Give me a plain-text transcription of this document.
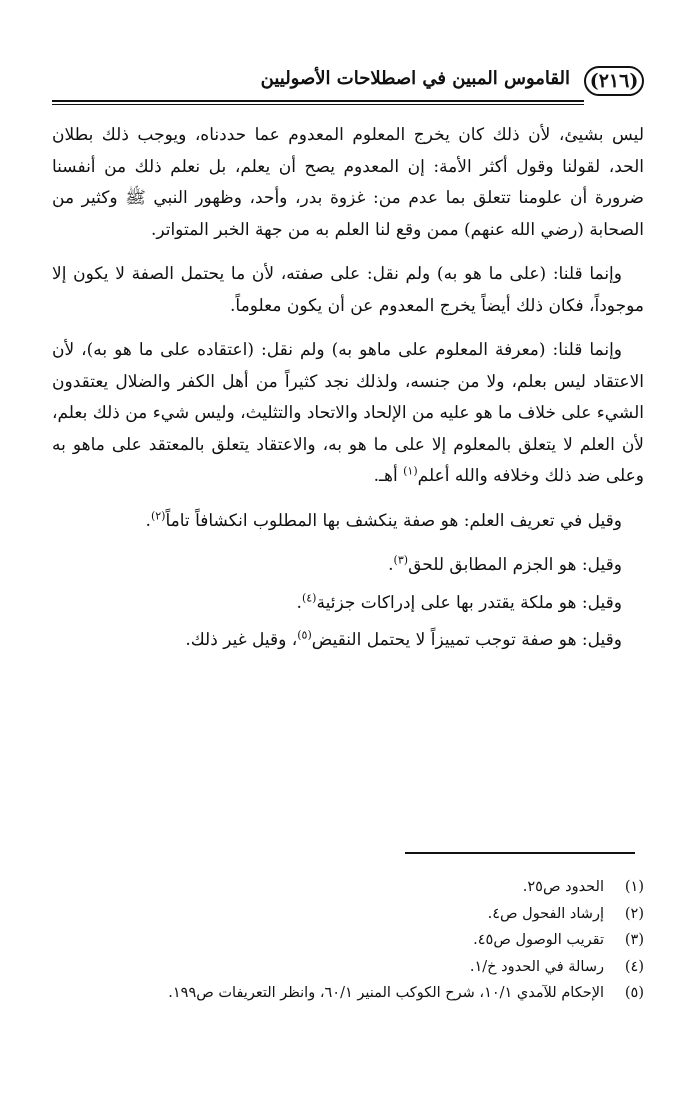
(٢١٦)
القاموس المبين في اصطلاحات الأصوليين

ليس بشيئ، لأن ذلك كان يخرج المعلوم المعدوم عما حددناه، ويوجب ذلك بطلان الحد، لقولنا وقول أكثر الأمة: إن المعدوم يصح أن يعلم، بل نعلم ذلك من أنفسنا ضرورة أن علومنا تتعلق بما عدم من: غزوة بدر، وأحد، وظهور النبي ﷺ وكثير من الصحابة (رضي الله عنهم) ممن وقع لنا العلم به من جهة الخبر المتواتر.

وإنما قلنا: (على ما هو به) ولم نقل: على صفته، لأن ما يحتمل الصفة لا يكون إلا موجوداً، فكان ذلك أيضاً يخرج المعدوم عن أن يكون معلوماً.

وإنما قلنا: (معرفة المعلوم على ماهو به) ولم نقل: (اعتقاده على ما هو به)، لأن الاعتقاد ليس بعلم، ولا من جنسه، ولذلك نجد كثيراً من أهل الكفر والضلال يعتقدون الشيء على خلاف ما هو عليه من الإلحاد والاتحاد والتثليث، وليس شيء من ذلك بعلم، لأن العلم لا يتعلق بالمعلوم إلا على ما هو به، والاعتقاد يتعلق بالمعتقد على ماهو به وعلى ضد ذلك وخلافه والله أعلم$^{(١)}$ أهـ.

وقيل في تعريف العلم: هو صفة ينكشف بها المطلوب انكشافاً تاماً$^{(٢)}$.

وقيل: هو الجزم المطابق للحق$^{(٣)}$.

وقيل: هو ملكة يقتدر بها على إدراكات جزئية$^{(٤)}$.

وقيل: هو صفة توجب تمييزاً لا يحتمل النقيض$^{(٥)}$، وقيل غير ذلك.

(١)
الحدود ص٢٥.
(٢)
إرشاد الفحول ص٤.
(٣)
تقريب الوصول ص٤٥.
(٤)
رسالة في الحدود خ/١.
(٥)
الإحكام للآمدي ١٠/١، شرح الكوكب المنير ٦٠/١، وانظر التعريفات ص١٩٩.
